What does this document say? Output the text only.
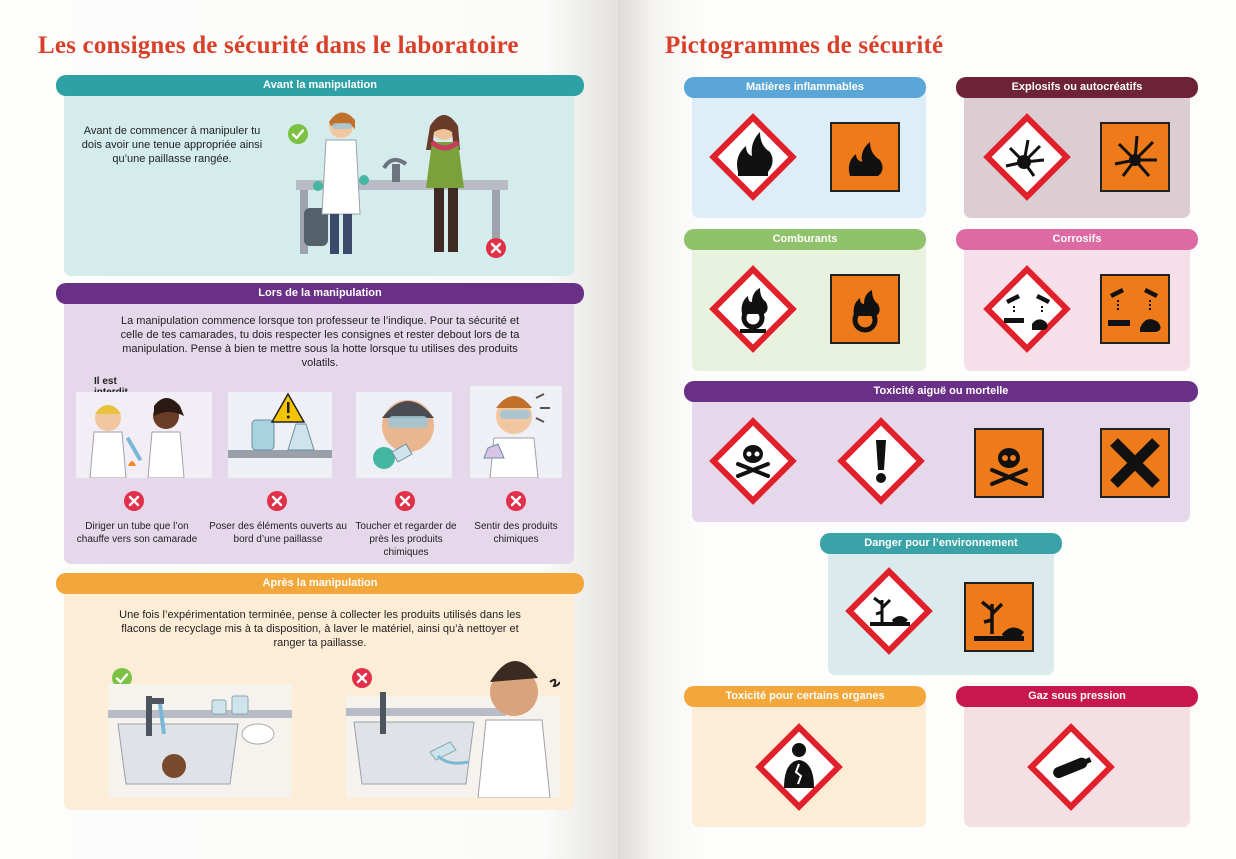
Les consignes de sécurité dans le laboratoire
Avant la manipulation
Avant de commencer à manipuler tu dois avoir une tenue appropriée ainsi qu’une paillasse rangée.
Lors de la manipulation
La manipulation commence lorsque ton professeur te l’indique. Pour ta sécurité et celle de tes camarades, tu dois respecter les consignes et rester debout lors de ta manipulation. Pense à bien te mettre sous la hotte lorsque tu utilises des produits volatils.
Il est
Diriger un tube que l’on chauffe vers son camarade
Poser des éléments ouverts au bord d’une paillasse
Toucher et regarder de près les produits chimiques
Sentir des produits chimiques
Après la manipulation
Une fois l’expérimentation terminée, pense à collecter les produits utilisés dans les flacons de recyclage mis à ta disposition, à laver le matériel, ainsi qu’à nettoyer et ranger ta paillasse.
Pictogrammes de sécurité
Matières inflammables	Explosifs ou autocréatifs
Comburants	Corrosifs
Toxicité aiguë ou mortelle
Danger pour l’environnement
Toxicité pour certains organes	Gaz sous pression
